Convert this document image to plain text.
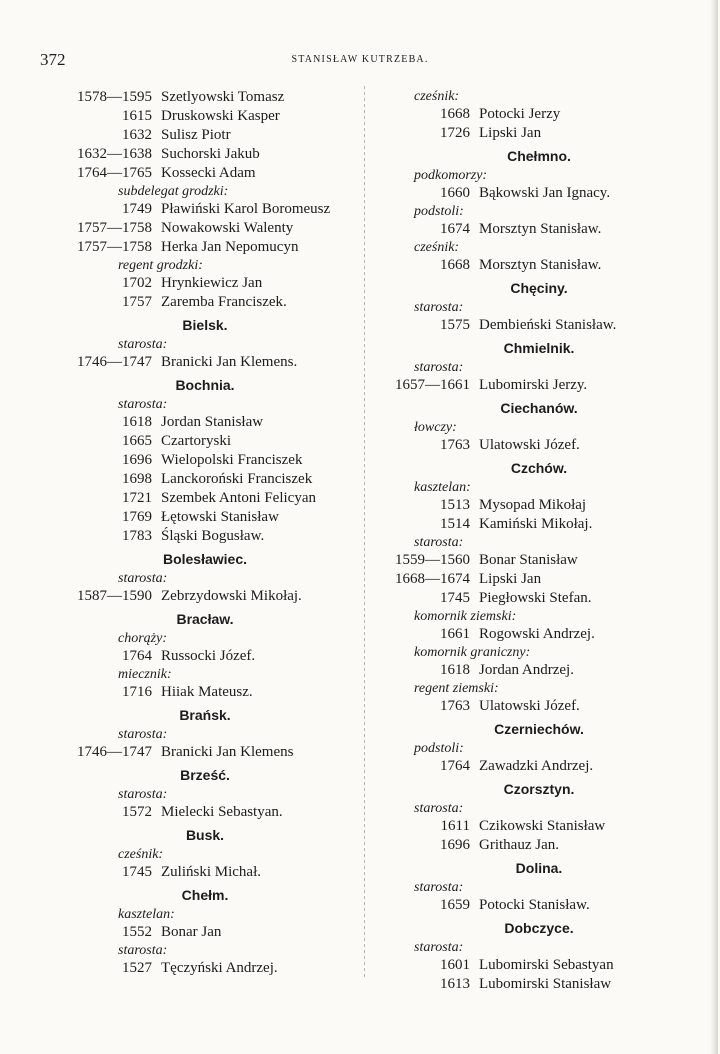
372	STANISŁAW KUTRZEBA.
1578—1595 Szetlyowski Tomasz
1615 Druskowski Kasper
1632 Sulisz Piotr
1632—1638 Suchorski Jakub
1764—1765 Kossecki Adam
subdelegat grodzki:
1749 Pławiński Karol Boromeusz
1757—1758 Nowakowski Walenty
1757—1758 Herka Jan Nepomucyn
regent grodzki:
1702 Hrynkiewicz Jan
1757 Zaremba Franciszek.
Bielsk.
starosta:
1746—1747 Branicki Jan Klemens.
Bochnia.
starosta:
1618 Jordan Stanisław
1665 Czartoryski
1696 Wielopolski Franciszek
1698 Lanckoroński Franciszek
1721 Szembek Antoni Felicyan
1769 Łętowski Stanisław
1783 Śląski Bogusław.
Bolesławiec.
starosta:
1587—1590 Zebrzydowski Mikołaj.
Bracław.
chorąży:
1764 Russocki Józef.
miecznik:
1716 Hiiak Mateusz.
Brańsk.
starosta:
1746—1747 Branicki Jan Klemens
Brześć.
starosta:
1572 Mielecki Sebastyan.
Busk.
cześnik:
1745 Zuliński Michał.
Chełm.
kasztelan:
1552 Bonar Jan
starosta:
1527 Tęczyński Andrzej.
cześnik:
1668 Potocki Jerzy
1726 Lipski Jan
Chełmno.
podkomorzy:
1660 Bąkowski Jan Ignacy.
podstoli:
1674 Morsztyn Stanisław.
cześnik:
1668 Morsztyn Stanisław.
Chęciny.
starosta:
1575 Dembieński Stanisław.
Chmielnik.
starosta:
1657—1661 Lubomirski Jerzy.
Ciechanów.
łowczy:
1763 Ulatowski Józef.
Czchów.
kasztelan:
1513 Mysopad Mikołaj
1514 Kamiński Mikołaj.
starosta:
1559—1560 Bonar Stanisław
1668—1674 Lipski Jan
1745 Piegłowski Stefan.
komornik ziemski:
1661 Rogowski Andrzej.
komornik graniczny:
1618 Jordan Andrzej.
regent ziemski:
1763 Ulatowski Józef.
Czerniechów.
podstoli:
1764 Zawadzki Andrzej.
Czorsztyn.
starosta:
1611 Czikowski Stanisław
1696 Grithauz Jan.
Dolina.
starosta:
1659 Potocki Stanisław.
Dobczyce.
starosta:
1601 Lubomirski Sebastyan
1613 Lubomirski Stanisław
